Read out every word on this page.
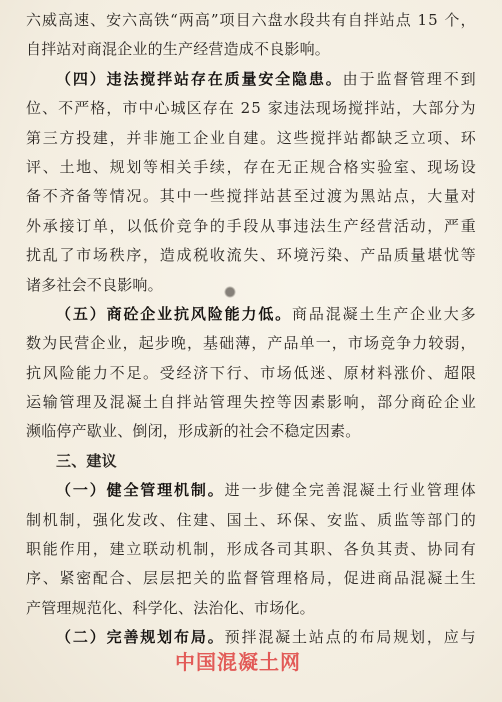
六 威 高 速 、 安 六 高 铁 “ 两 高 ” 项 目 六 盘 水 段 共 有 自 拌 站 点
1 5
个 ，
自拌站对商混企业的生产经营造成不良影响。
（ 四 ） 违 法 搅 拌 站 存 在 质 量 安 全 隐 患 。 由 于 监 督 管 理 不 到
位 、 不 严 格 ， 市 中 心 城 区 存 在
2 5
家 违 法 现 场 搅 拌 站 ， 大 部 分 为
第 三 方 投 建 ， 并 非 施 工 企 业 自 建 。 这 些 搅 拌 站 都 缺 乏 立 项 、 环
评 、 土 地 、 规 划 等 相 关 手 续 ， 存 在 无 正 规 合 格 实 验 室 、 现 场 设
备 不 齐 备 等 情 况 。 其 中 一 些 搅 拌 站 甚 至 过 渡 为 黑 站 点 ， 大 量 对
外 承 接 订 单 ， 以 低 价 竞 争 的 手 段 从 事 违 法 生 产 经 营 活 动 ， 严 重
扰 乱 了 市 场 秩 序 ， 造 成 税 收 流 失 、 环 境 污 染 、 产 品 质 量 堪 忧 等
诸多社会不良影响。
（ 五 ） 商 砼 企 业 抗 风 险 能 力 低 。 商 品 混 凝 土 生 产 企 业 大 多
数 为 民 营 企 业 ， 起 步 晚 ， 基 础 薄 ， 产 品 单 一 ， 市 场 竞 争 力 较 弱 ，
抗 风 险 能 力 不 足 。 受 经 济 下 行 、 市 场 低 迷 、 原 材 料 涨 价 、 超 限
运 输 管 理 及 混 凝 土 自 拌 站 管 理 失 控 等 因 素 影 响 ， 部 分 商 砼 企 业
濒临停产歇业、倒闭，形成新的社会不稳定因素。
三、建议
（ 一 ） 健 全 管 理 机 制 。 进 一 步 健 全 完 善 混 凝 土 行 业 管 理 体
制 机 制 ， 强 化 发 改 、 住 建 、 国 土 、 环 保 、 安 监 、 质 监 等 部 门 的
职 能 作 用 ， 建 立 联 动 机 制 ， 形 成 各 司 其 职 、 各 负 其 责 、 协 同 有
序 、 紧 密 配 合 、 层 层 把 关 的 监 督 管 理 格 局 ， 促 进 商 品 混 凝 土 生
产管理规范化、科学化、法治化、市场化。
（ 二 ） 完 善 规 划 布 局 。 预 拌 混 凝 土 站 点 的 布 局 规 划 ， 应 与
中国混凝土网
